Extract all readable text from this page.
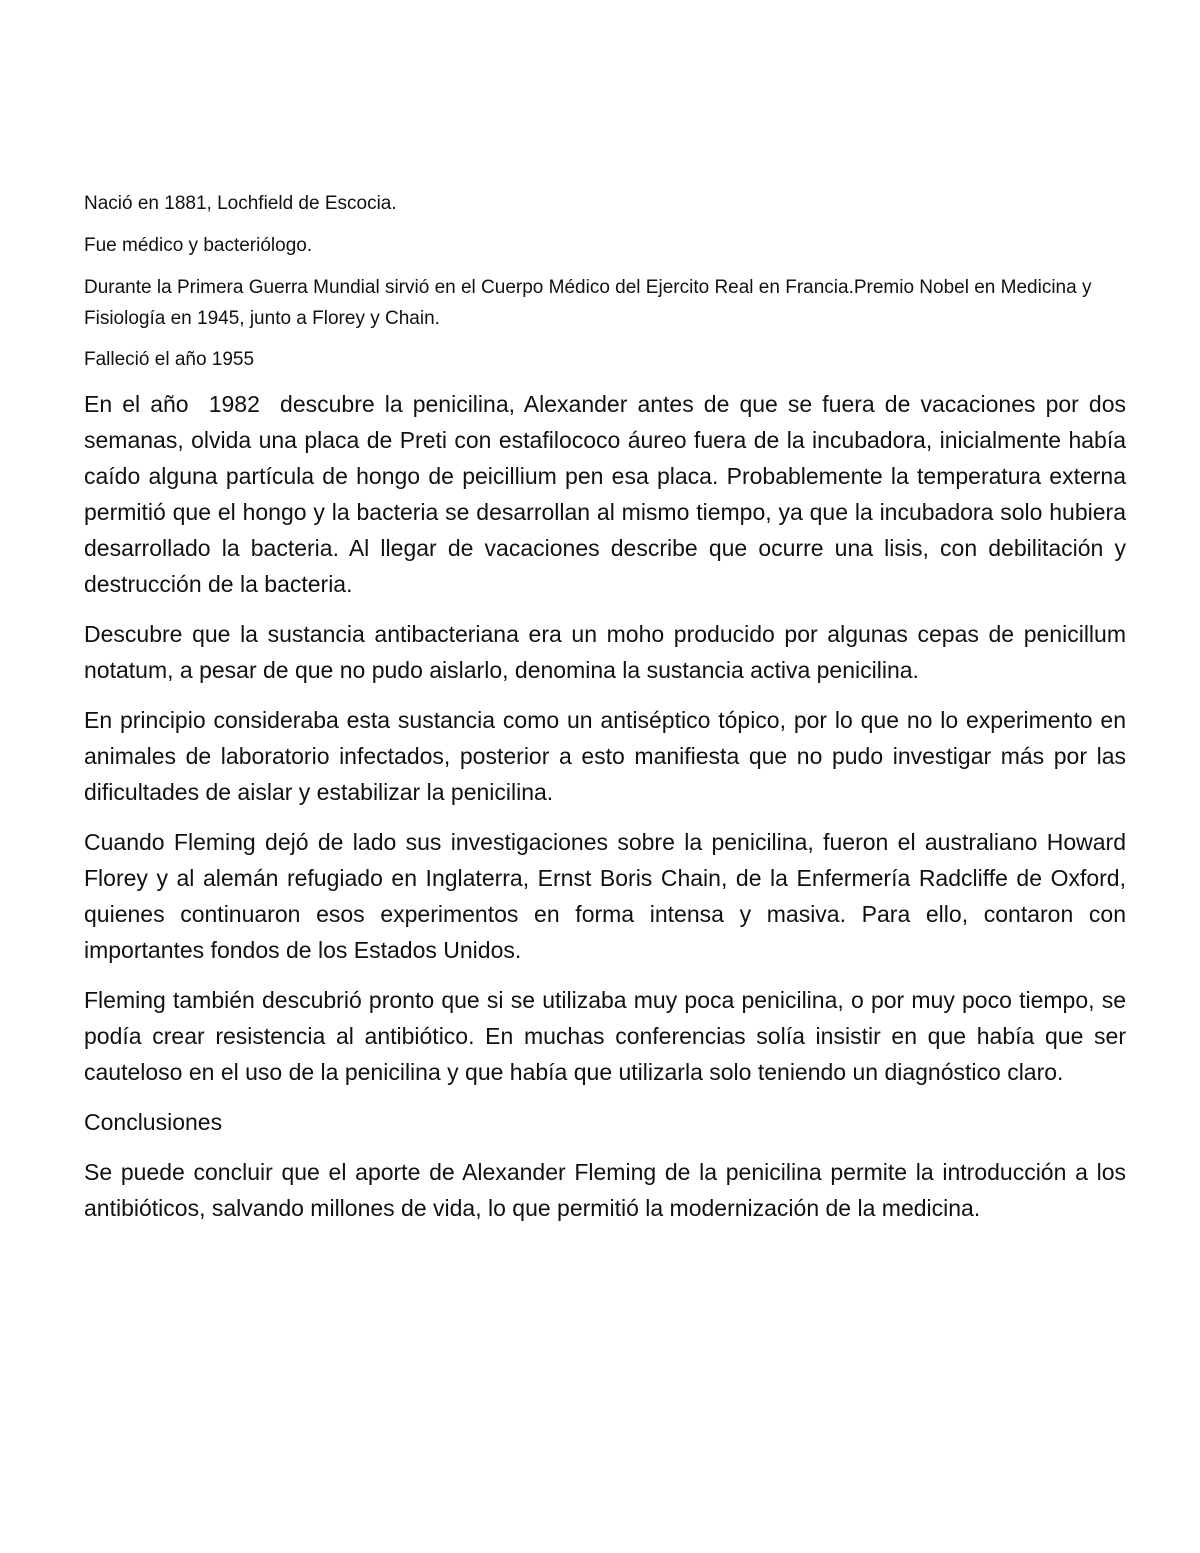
Nació en 1881, Lochfield de Escocia.

Fue médico y bacteriólogo.

Durante la Primera Guerra Mundial sirvió en el Cuerpo Médico del Ejercito Real en Francia.Premio Nobel en Medicina y Fisiología en 1945, junto a Florey y Chain.

Falleció el año 1955

En el año  1982  descubre la penicilina, Alexander antes de que se fuera de vacaciones por dos semanas, olvida una placa de Preti con estafilococo áureo fuera de la incubadora, inicialmente había caído alguna partícula de hongo de peicillium pen esa placa. Probablemente la temperatura externa permitió que el hongo y la bacteria se desarrollan al mismo tiempo, ya que la incubadora solo hubiera desarrollado la bacteria. Al llegar de vacaciones describe que ocurre una lisis, con debilitación y destrucción de la bacteria.

Descubre que la sustancia antibacteriana era un moho producido por algunas cepas de penicillum notatum, a pesar de que no pudo aislarlo, denomina la sustancia activa penicilina.

En principio consideraba esta sustancia como un antiséptico tópico, por lo que no lo experimento en animales de laboratorio infectados, posterior a esto manifiesta que no pudo investigar más por las dificultades de aislar y estabilizar la penicilina.

Cuando Fleming dejó de lado sus investigaciones sobre la penicilina, fueron el australiano Howard Florey y al alemán refugiado en Inglaterra, Ernst Boris Chain, de la Enfermería Radcliffe de Oxford, quienes continuaron esos experimentos en forma intensa y masiva. Para ello, contaron con importantes fondos de los Estados Unidos.

Fleming también descubrió pronto que si se utilizaba muy poca penicilina, o por muy poco tiempo, se podía crear resistencia al antibiótico. En muchas conferencias solía insistir en que había que ser cauteloso en el uso de la penicilina y que había que utilizarla solo teniendo un diagnóstico claro.

Conclusiones

Se puede concluir que el aporte de Alexander Fleming de la penicilina permite la introducción a los antibióticos, salvando millones de vida, lo que permitió la modernización de la medicina.
